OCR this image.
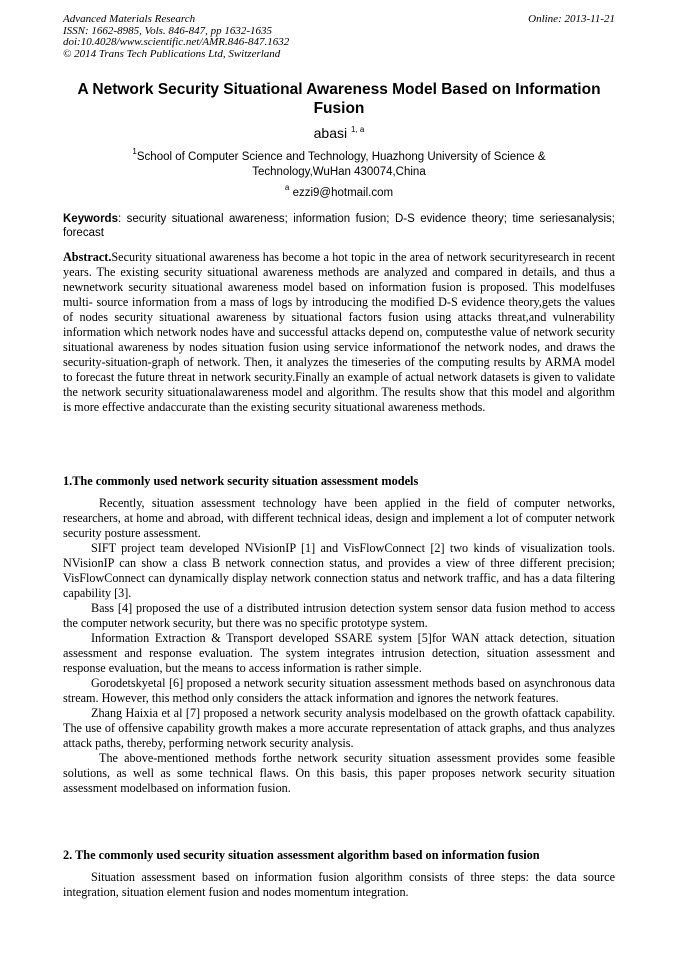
Advanced Materials Research
ISSN: 1662-8985, Vols. 846-847, pp 1632-1635
doi:10.4028/www.scientific.net/AMR.846-847.1632
© 2014 Trans Tech Publications Ltd, Switzerland
Online: 2013-11-21
A Network Security Situational Awareness Model Based on Information Fusion
abasi $^{1, a}$
$^1$School of Computer Science and Technology, Huazhong University of Science & Technology,WuHan 430074,China
$^a$ ezzi9@hotmail.com
Keywords: security situational awareness; information fusion; D-S evidence theory; time seriesanalysis; forecast
Abstract.Security situational awareness has become a hot topic in the area of network securityresearch in recent years. The existing security situational awareness methods are analyzed and compared in details, and thus a newnetwork security situational awareness model based on information fusion is proposed. This modelfuses multi- source information from a mass of logs by introducing the modified D-S evidence theory,gets the values of nodes security situational awareness by situational factors fusion using attacks threat,and vulnerability information which network nodes have and successful attacks depend on, computesthe value of network security situational awareness by nodes situation fusion using service informationof the network nodes, and draws the security-situation-graph of network. Then, it analyzes the timeseries of the computing results by ARMA model to forecast the future threat in network security.Finally an example of actual network datasets is given to validate the network security situationalawareness model and algorithm. The results show that this model and algorithm is more effective andaccurate than the existing security situational awareness methods.
1.The commonly used network security situation assessment models

Recently, situation assessment technology have been applied in the field of computer networks, researchers, at home and abroad, with different technical ideas, design and implement a lot of computer network security posture assessment.

SIFT project team developed NVisionIP [1] and VisFlowConnect [2] two kinds of visualization tools. NVisionIP can show a class B network connection status, and provides a view of three different precision; VisFlowConnect can dynamically display network connection status and network traffic, and has a data filtering capability [3].

Bass [4] proposed the use of a distributed intrusion detection system sensor data fusion method to access the computer network security, but there was no specific prototype system.

Information Extraction & Transport developed SSARE system [5]for WAN attack detection, situation assessment and response evaluation. The system integrates intrusion detection, situation assessment and response evaluation, but the means to access information is rather simple.

Gorodetskyetal [6] proposed a network security situation assessment methods based on asynchronous data stream. However, this method only considers the attack information and ignores the network features.

Zhang Haixia et al [7] proposed a network security analysis modelbased on the growth ofattack capability. The use of offensive capability growth makes a more accurate representation of attack graphs, and thus analyzes attack paths, thereby, performing network security analysis.

The above-mentioned methods forthe network security situation assessment provides some feasible solutions, as well as some technical flaws. On this basis, this paper proposes network security situation assessment modelbased on information fusion.

2. The commonly used security situation assessment algorithm based on information fusion

Situation assessment based on information fusion algorithm consists of three steps: the data source integration, situation element fusion and nodes momentum integration.
